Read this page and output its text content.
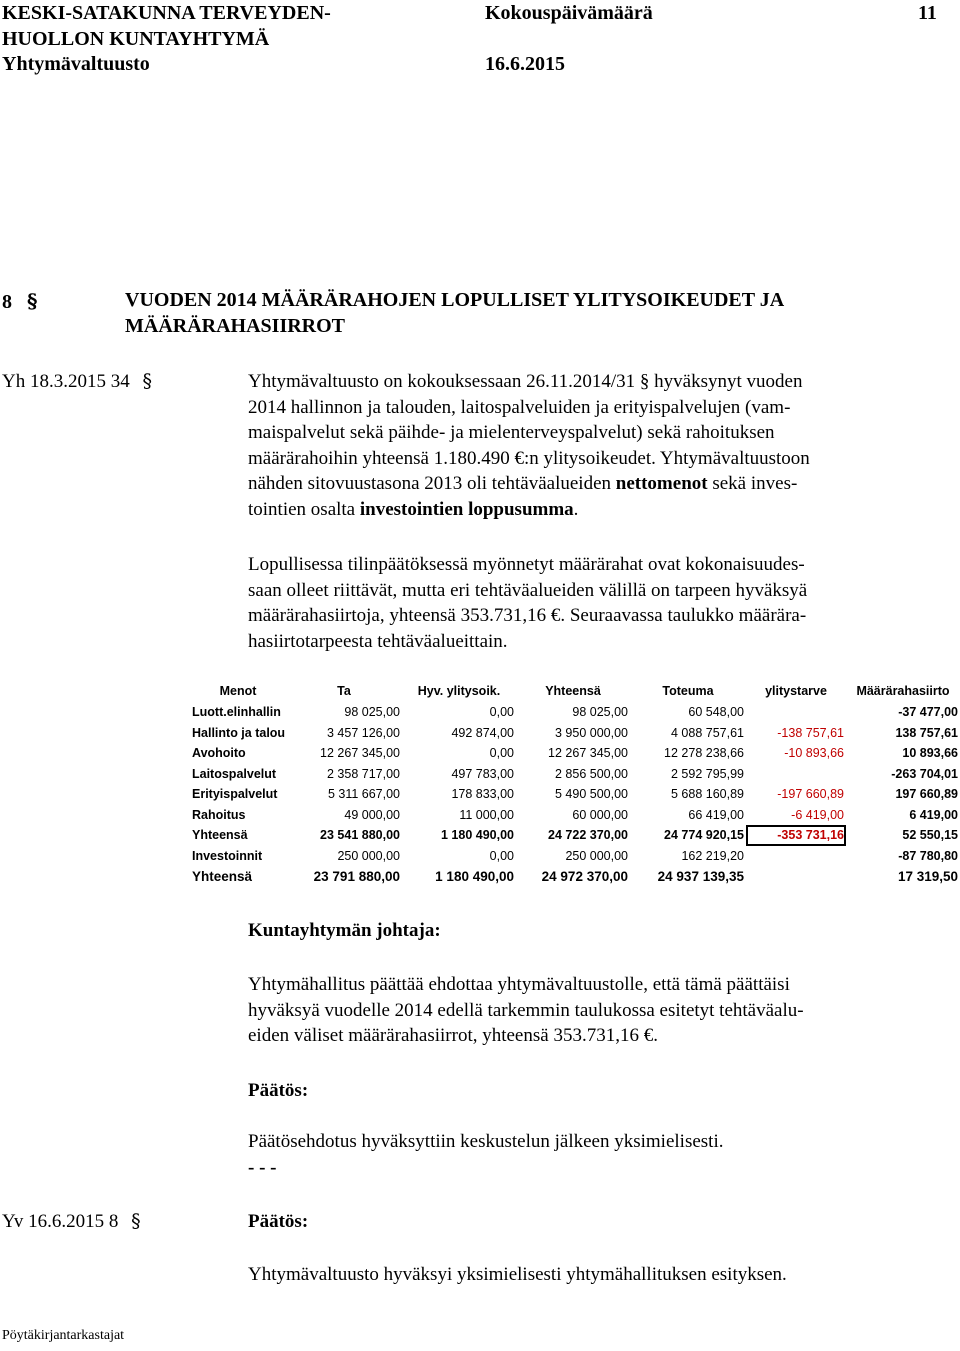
KESKI-SATAKUNNA TERVEYDEN-
HUOLLON KUNTAYHTYMÄ
Yhtymävaltuusto
Kokouspäivämäärä
16.6.2015
11
8 §	VUODEN 2014 MÄÄRÄRAHOJEN LOPULLISET YLITYSOIKEUDET JA
MÄÄRÄRAHASIIRROT
Yh 18.3.2015 34 §	Yhtymävaltuusto on kokouksessaan 26.11.2014/31 § hyväksynyt vuoden
2014 hallinnon ja talouden, laitospalveluiden ja erityispalvelujen (vam-
maispalvelut sekä päihde- ja mielenterveyspalvelut) sekä rahoituksen
määrärahoihin yhteensä 1.180.490 €:n ylitysoikeudet. Yhtymävaltuustoon
nähden sitovuustasona 2013 oli tehtäväalueiden nettomenot sekä inves-
tointien osalta investointien loppusumma.
Lopullisessa tilinpäätöksessä myönnetyt määrärahat ovat kokonaisuudes-
saan olleet riittävät, mutta eri tehtäväalueiden välillä on tarpeen hyväksyä
määrärahasiirtoja, yhteensä 353.731,16 €. Seuraavassa taulukko määrära-
hasiirtotarpeesta tehtäväalueittain.
Menot	Ta	Hyv. ylitysoik.	Yhteensä	Toteuma	ylitystarve	Määrärahasiirto
Luott.elinhallin	98 025,00	0,00	98 025,00	60 548,00		-37 477,00
Hallinto ja talou	3 457 126,00	492 874,00	3 950 000,00	4 088 757,61	-138 757,61	138 757,61
Avohoito	12 267 345,00	0,00	12 267 345,00	12 278 238,66	-10 893,66	10 893,66
Laitospalvelut	2 358 717,00	497 783,00	2 856 500,00	2 592 795,99		-263 704,01
Erityispalvelut	5 311 667,00	178 833,00	5 490 500,00	5 688 160,89	-197 660,89	197 660,89
Rahoitus	49 000,00	11 000,00	60 000,00	66 419,00	-6 419,00	6 419,00
Yhteensä	23 541 880,00	1 180 490,00	24 722 370,00	24 774 920,15	-353 731,16	52 550,15
Investoinnit	250 000,00	0,00	250 000,00	162 219,20		-87 780,80
Yhteensä	23 791 880,00	1 180 490,00	24 972 370,00	24 937 139,35		17 319,50
Kuntayhtymän johtaja:
Yhtymähallitus päättää ehdottaa yhtymävaltuustolle, että tämä päättäisi
hyväksyä vuodelle 2014 edellä tarkemmin taulukossa esitetyt tehtäväalu-
eiden väliset määrärahasiirrot, yhteensä 353.731,16 €.
Päätös:
Päätösehdotus hyväksyttiin keskustelun jälkeen yksimielisesti.
- - -
Yv 16.6.2015 8 §	Päätös:
Yhtymävaltuusto hyväksyi yksimielisesti yhtymähallituksen esityksen.
Pöytäkirjantarkastajat
